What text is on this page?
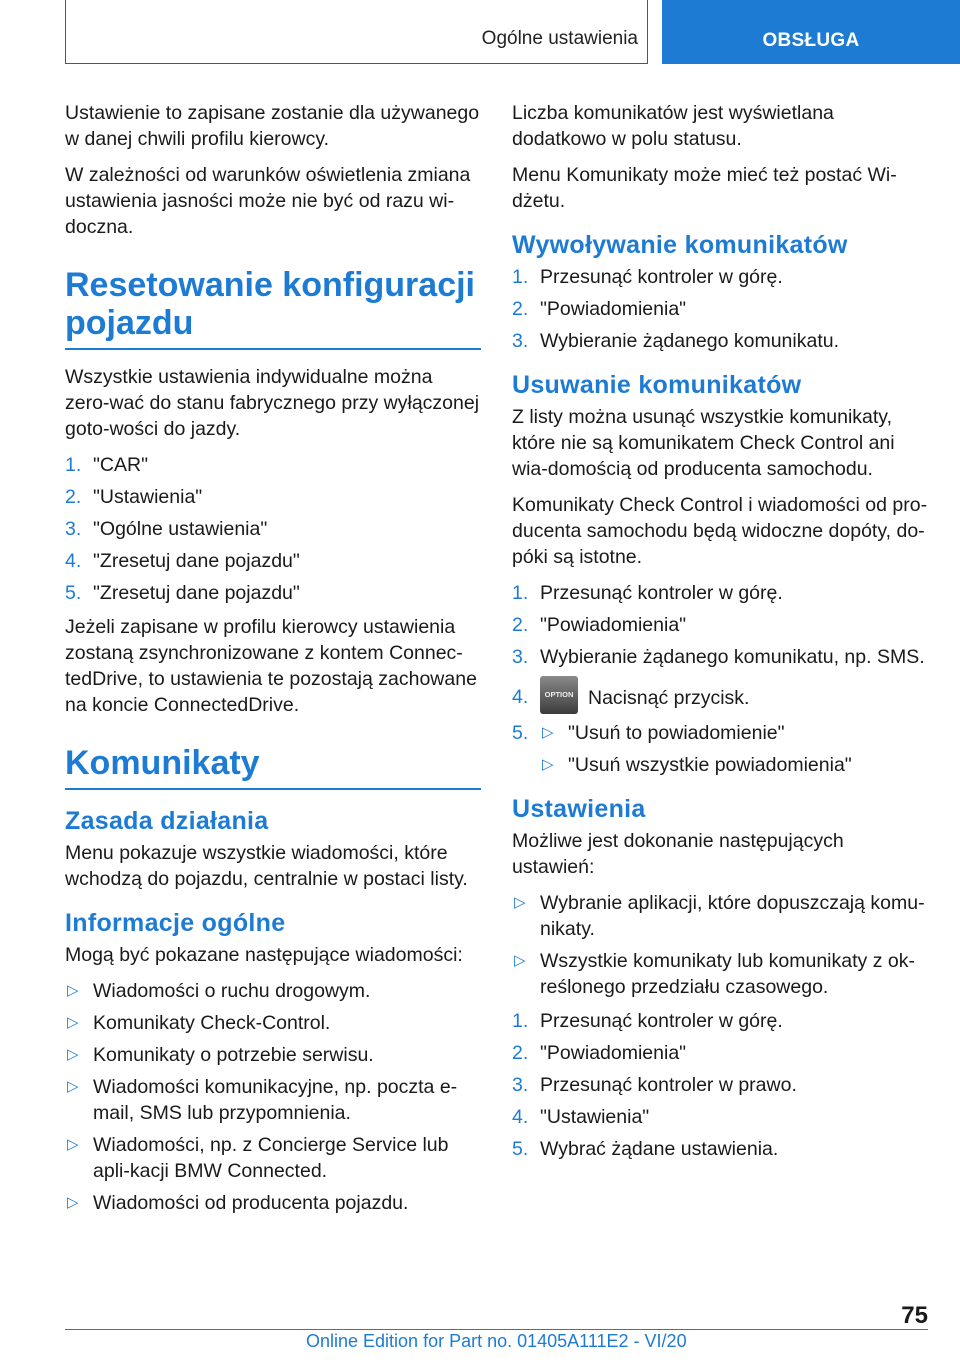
Ogólne ustawienia	OBSŁUGA

Ustawienie to zapisane zostanie dla używanego w danej chwili profilu kierowcy.

W zależności od warunków oświetlenia zmiana ustawienia jasności może nie być od razu wi-doczna.

Resetowanie konfiguracji pojazdu

Wszystkie ustawienia indywidualne można zero-wać do stanu fabrycznego przy wyłączonej goto-wości do jazdy.

1. "CAR"
2. "Ustawienia"
3. "Ogólne ustawienia"
4. "Zresetuj dane pojazdu"
5. "Zresetuj dane pojazdu"

Jeżeli zapisane w profilu kierowcy ustawienia zostaną zsynchronizowane z kontem Connec-tedDrive, to ustawienia te pozostają zachowane na koncie ConnectedDrive.

Komunikaty
Zasada działania

Menu pokazuje wszystkie wiadomości, które wchodzą do pojazdu, centralnie w postaci listy.

Informacje ogólne

Mogą być pokazane następujące wiadomości:

▷ Wiadomości o ruchu drogowym.
▷ Komunikaty Check-Control.
▷ Komunikaty o potrzebie serwisu.
▷ Wiadomości komunikacyjne, np. poczta e-mail, SMS lub przypomnienia.
▷ Wiadomości, np. z Concierge Service lub apli-kacji BMW Connected.
▷ Wiadomości od producenta pojazdu.

Liczba komunikatów jest wyświetlana dodatkowo w polu statusu.

Menu Komunikaty może mieć też postać Wi-dżetu.

Wywoływanie komunikatów
1. Przesunąć kontroler w górę.
2. "Powiadomienia"
3. Wybieranie żądanego komunikatu.
Usuwanie komunikatów

Z listy można usunąć wszystkie komunikaty, które nie są komunikatem Check Control ani wia-domością od producenta samochodu.

Komunikaty Check Control i wiadomości od pro-ducenta samochodu będą widoczne dopóty, do-póki są istotne.

1. Przesunąć kontroler w górę.
2. "Powiadomienia"
3. Wybieranie żądanego komunikatu, np. SMS.
4. OPTION Nacisnąć przycisk.
5. ▷ "Usuń to powiadomienie"
▷ "Usuń wszystkie powiadomienia"
Ustawienia

Możliwe jest dokonanie następujących ustawień:

▷ Wybranie aplikacji, które dopuszczają komu-nikaty.
▷ Wszystkie komunikaty lub komunikaty z ok-reślonego przedziału czasowego.
1. Przesunąć kontroler w górę.
2. "Powiadomienia"
3. Przesunąć kontroler w prawo.
4. "Ustawienia"
5. Wybrać żądane ustawienia.
75
Online Edition for Part no. 01405A111E2 - VI/20
